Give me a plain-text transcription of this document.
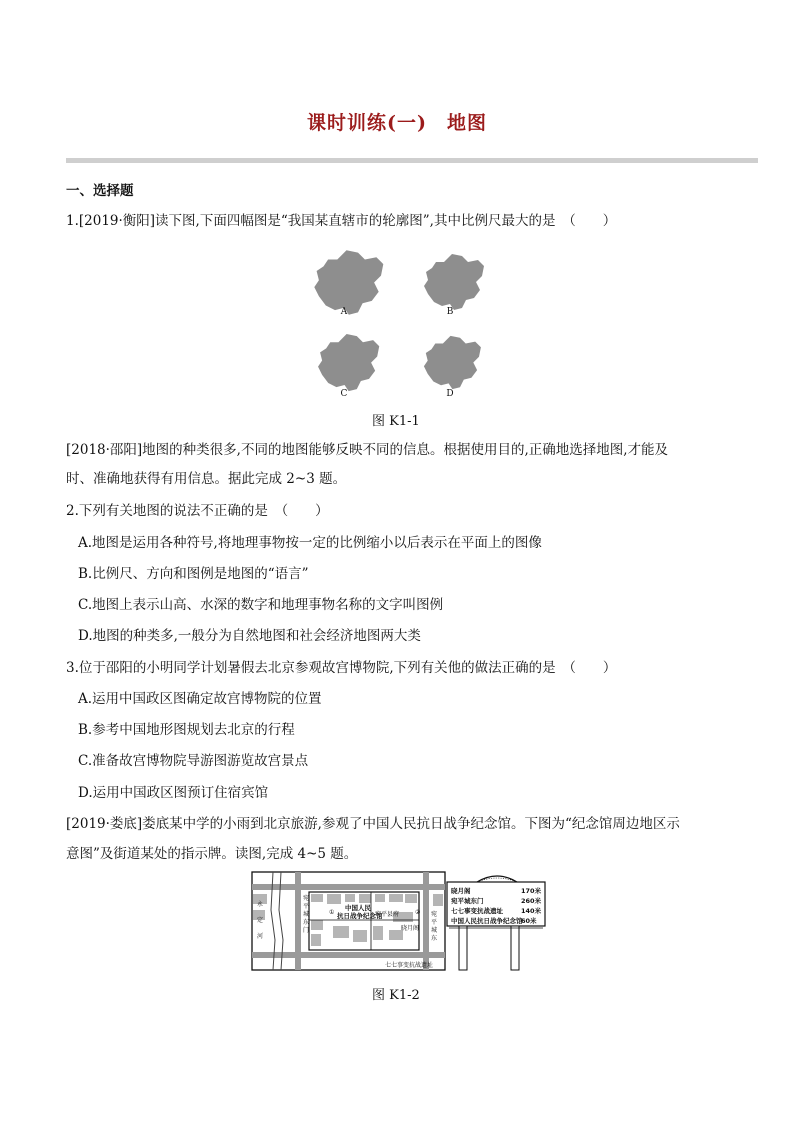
课时训练(一)　地图
一、选择题
1.[2019·衡阳]读下图,下面四幅图是“我国某直辖市的轮廓图”,其中比例尺最大的是　（　　）
A	B
C	D
图 K1-1
[2018·邵阳]地图的种类很多,不同的地图能够反映不同的信息。根据使用目的,正确地选择地图,才能及
时、准确地获得有用信息。据此完成 2~3 题。
2.下列有关地图的说法不正确的是　（　　）
A.地图是运用各种符号,将地理事物按一定的比例缩小以后表示在平面上的图像
B.比例尺、方向和图例是地图的“语言”
C.地图上表示山高、水深的数字和地理事物名称的文字叫图例
D.地图的种类多,一般分为自然地图和社会经济地图两大类
3.位于邵阳的小明同学计划暑假去北京参观故宫博物院,下列有关他的做法正确的是　（　　）
A.运用中国政区图确定故宫博物院的位置
B.参考中国地形图规划去北京的行程
C.准备故宫博物院导游图游览故宫景点
D.运用中国政区图预订住宿宾馆
[2019·娄底]娄底某中学的小雨到北京旅游,参观了中国人民抗日战争纪念馆。下图为“纪念馆周边地区示
意图”及街道某处的指示牌。读图,完成 4~5 题。
永
定
河
中国人民
抗日战争纪念馆
宛平县府
宛
平
城
东
门	晓月阁
宛
平
城
东
七七事变抗战遗址
①	②
晓月阁	170米
宛平城东门	260米
七七事变抗战遗址	140米
中国人民抗日战争纪念馆
60米
图 K1-2
